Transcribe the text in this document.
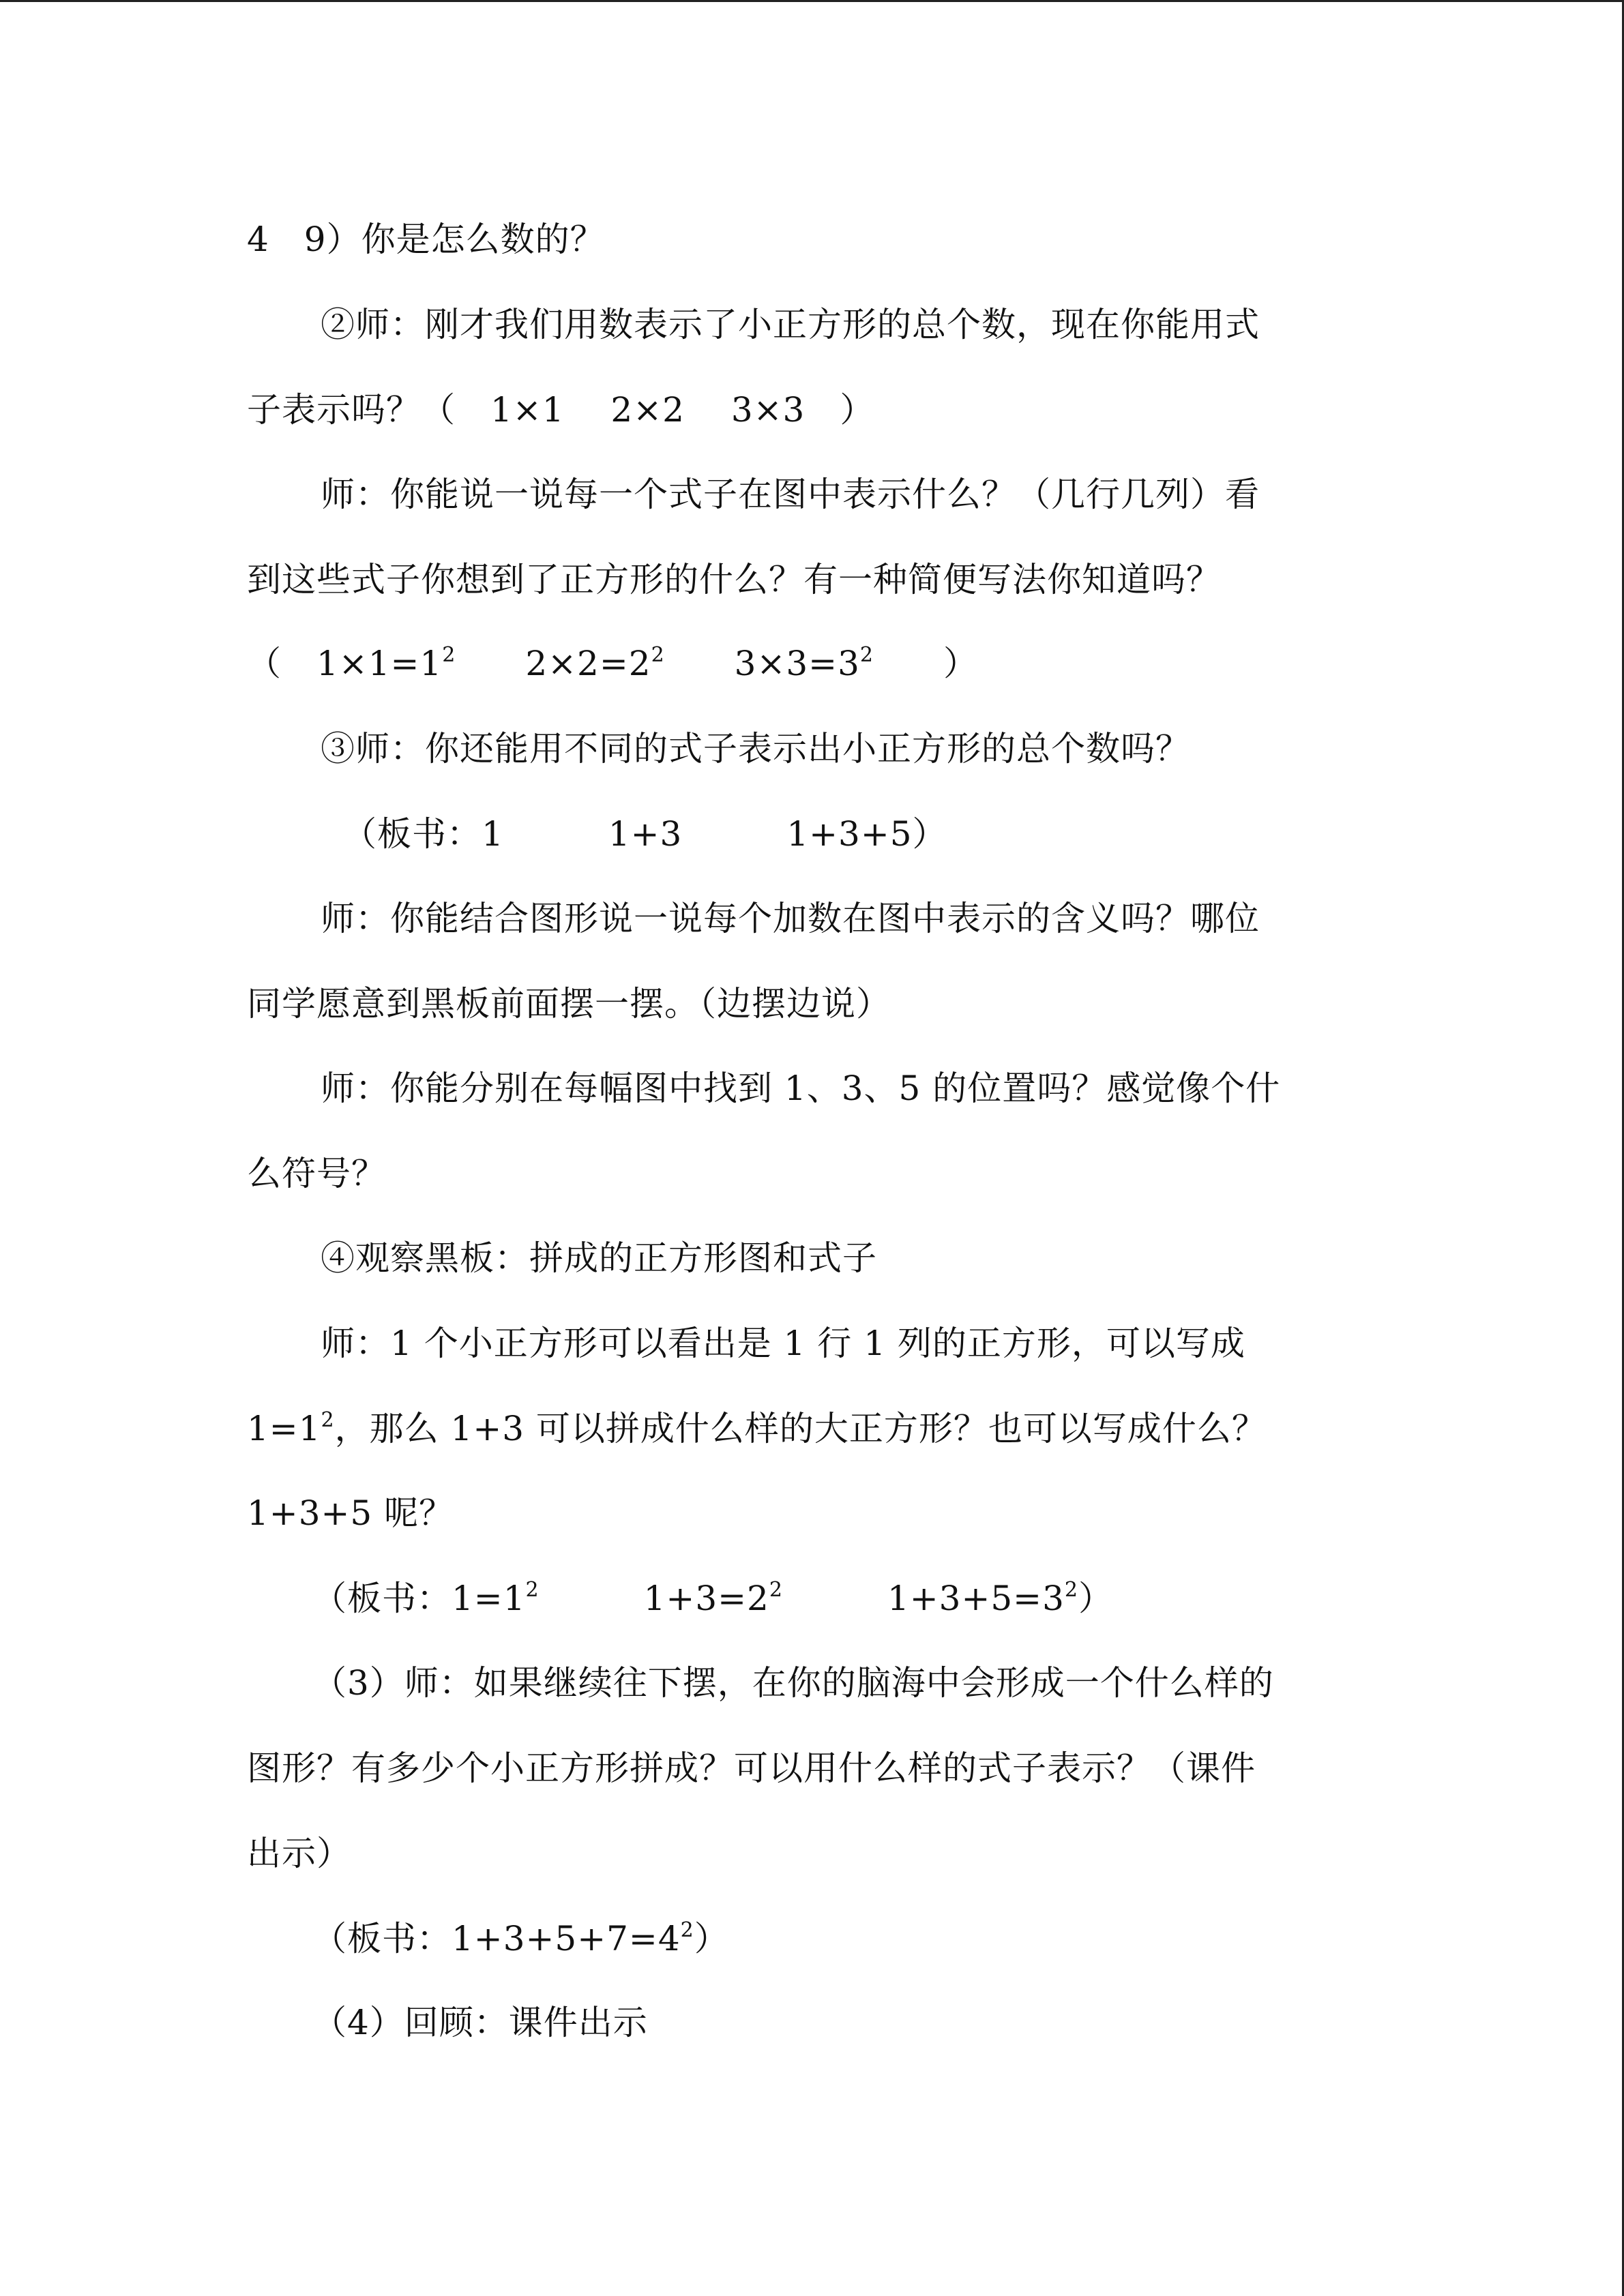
4　9）你是怎么数的？
②师：刚才我们用数表示了小正方形的总个数，现在你能用式
子表示吗？（　1×1　 2×2　 3×3　）
师：你能说一说每一个式子在图中表示什么？（几行几列）看
到这些式子你想到了正方形的什么？有一种简便写法你知道吗？
（　$1\times 1=1^2$　　$2\times 2=2^2$　　$3\times 3=3^2$　　）
③师：你还能用不同的式子表示出小正方形的总个数吗？
（板书：1　　　1+3　　　1+3+5）
师：你能结合图形说一说每个加数在图中表示的含义吗？哪位
同学愿意到黑板前面摆一摆。（边摆边说）
师：你能分别在每幅图中找到 1、3、5 的位置吗？感觉像个什
么符号？
④观察黑板：拼成的正方形图和式子
师：1 个小正方形可以看出是 1 行 1 列的正方形，可以写成
$1=1^2$，那么 1+3 可以拼成什么样的大正方形？也可以写成什么？
1+3+5 呢？
（板书：$1=1^2$　　　$1+3=2^2$　　　$1+3+5=3^2$）
（3）师：如果继续往下摆，在你的脑海中会形成一个什么样的
图形？有多少个小正方形拼成？可以用什么样的式子表示？（课件
出示）
（板书：$1+3+5+7=4^2$）
（4）回顾：课件出示
